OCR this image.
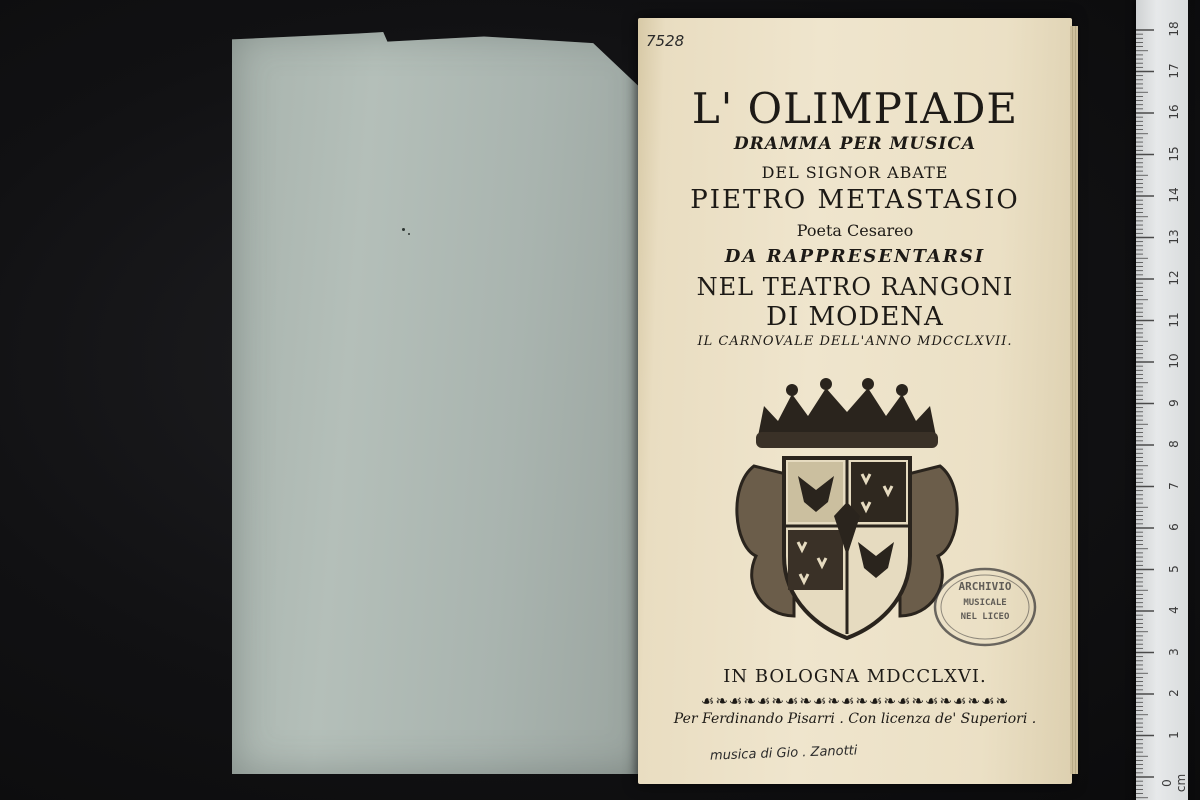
7528
L' OLIMPIADE
DRAMMA PER MUSICA
DEL SIGNOR ABATE
PIETRO METASTASIO
Poeta Cesareo
DA RAPPRESENTARSI
NEL TEATRO RANGONI
DI MODENA
IL CARNOVALE DELL'ANNO MDCCLXVII.
ARCHIVIO
MUSICALE
NEL LICEO
IN BOLOGNA MDCCLXVI.
☙❧☙❧☙❧☙❧☙❧☙❧☙❧☙❧☙❧☙❧☙❧
Per Ferdinando Pisarri . Con licenza de' Superiori .
musica di Gio . Zanotti
18
17
16
15
14
13
12
11
10
9
8
7
6
5
4
3
2
1
0 cm
